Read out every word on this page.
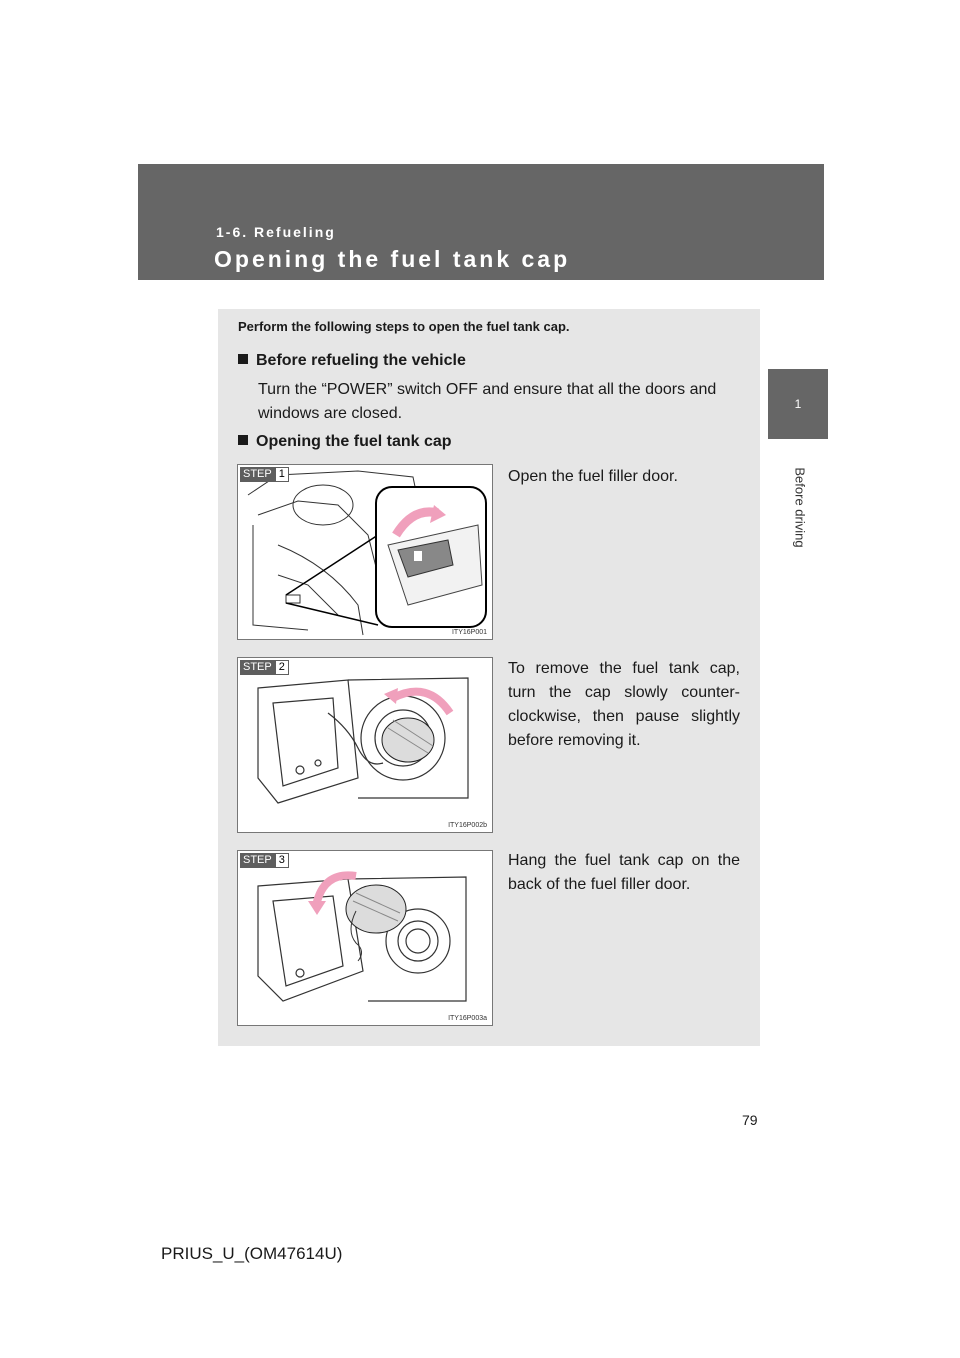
1-6. Refueling
Opening the fuel tank cap
1
Before driving
Perform the following steps to open the fuel tank cap.
Before refueling the vehicle
Turn the “POWER” switch OFF and ensure that all the doors and windows are closed.
Opening the fuel tank cap
STEP 1
ITY16P001
Open the fuel filler door.
STEP 2
ITY16P002b
To remove the fuel tank cap, turn the cap slowly counter-clockwise, then pause slightly before removing it.
STEP 3
ITY16P003a
Hang the fuel tank cap on the back of the fuel filler door.
79
PRIUS_U_(OM47614U)
